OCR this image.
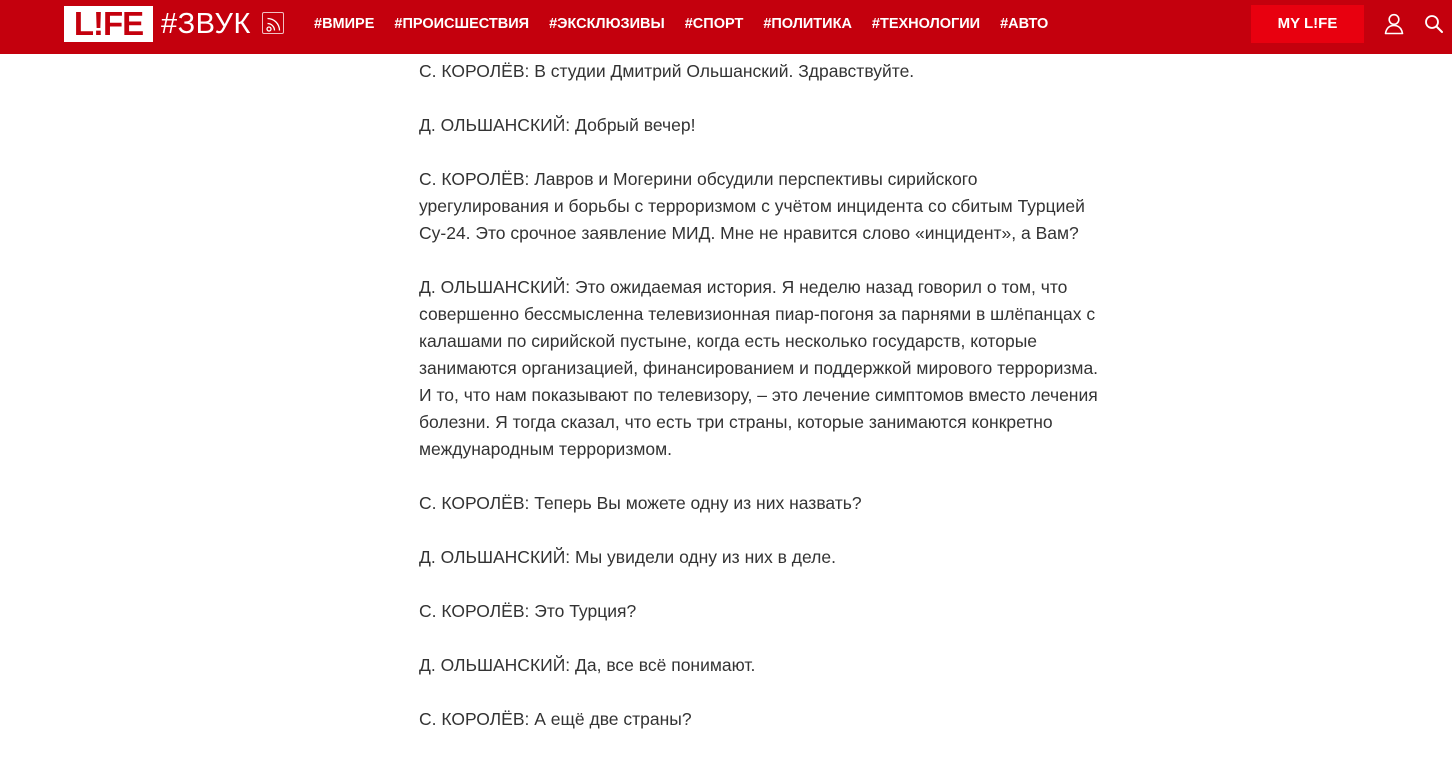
L!FE #ЗВУК	#ВМИРЕ #ПРОИСШЕСТВИЯ #ЭКСКЛЮЗИВЫ #СПОРТ #ПОЛИТИКА #ТЕХНОЛОГИИ #АВТО	MY L!FE

С. КОРОЛЁВ: В студии Дмитрий Ольшанский. Здравствуйте.

Д. ОЛЬШАНСКИЙ: Добрый вечер!

С. КОРОЛЁВ: Лавров и Могерини обсудили перспективы сирийского урегулирования и борьбы с терроризмом с учётом инцидента со сбитым Турцией Су-24. Это срочное заявление МИД. Мне не нравится слово «инцидент», а Вам?

Д. ОЛЬШАНСКИЙ: Это ожидаемая история. Я неделю назад говорил о том, что совершенно бессмысленна телевизионная пиар-погоня за парнями в шлёпанцах с калашами по сирийской пустыне, когда есть несколько государств, которые занимаются организацией, финансированием и поддержкой мирового терроризма. И то, что нам показывают по телевизору, – это лечение симптомов вместо лечения болезни. Я тогда сказал, что есть три страны, которые занимаются конкретно международным терроризмом.

С. КОРОЛЁВ: Теперь Вы можете одну из них назвать?

Д. ОЛЬШАНСКИЙ: Мы увидели одну из них в деле.

С. КОРОЛЁВ: Это Турция?

Д. ОЛЬШАНСКИЙ: Да, все всё понимают.

С. КОРОЛЁВ: А ещё две страны?
